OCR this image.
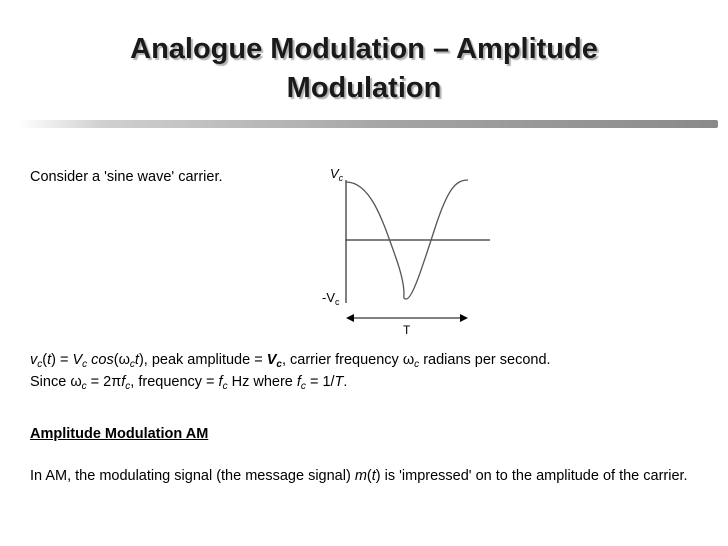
Analogue Modulation – Amplitude
Modulation
Consider a 'sine wave' carrier.	$V_c$
$-V_c$
T
$v_c(t) = V_c$ $\cos(\omega_ct)$, peak amplitude = $V_c$, carrier frequency $\omega_c$ radians per second.
Since $\omega_c = 2\pi f_c$, frequency = $f_c$ Hz where $f_c = 1/T$.
Amplitude Modulation AM
In AM, the modulating signal (the message signal) m(t) is 'impressed' on to the amplitude of the carrier.
